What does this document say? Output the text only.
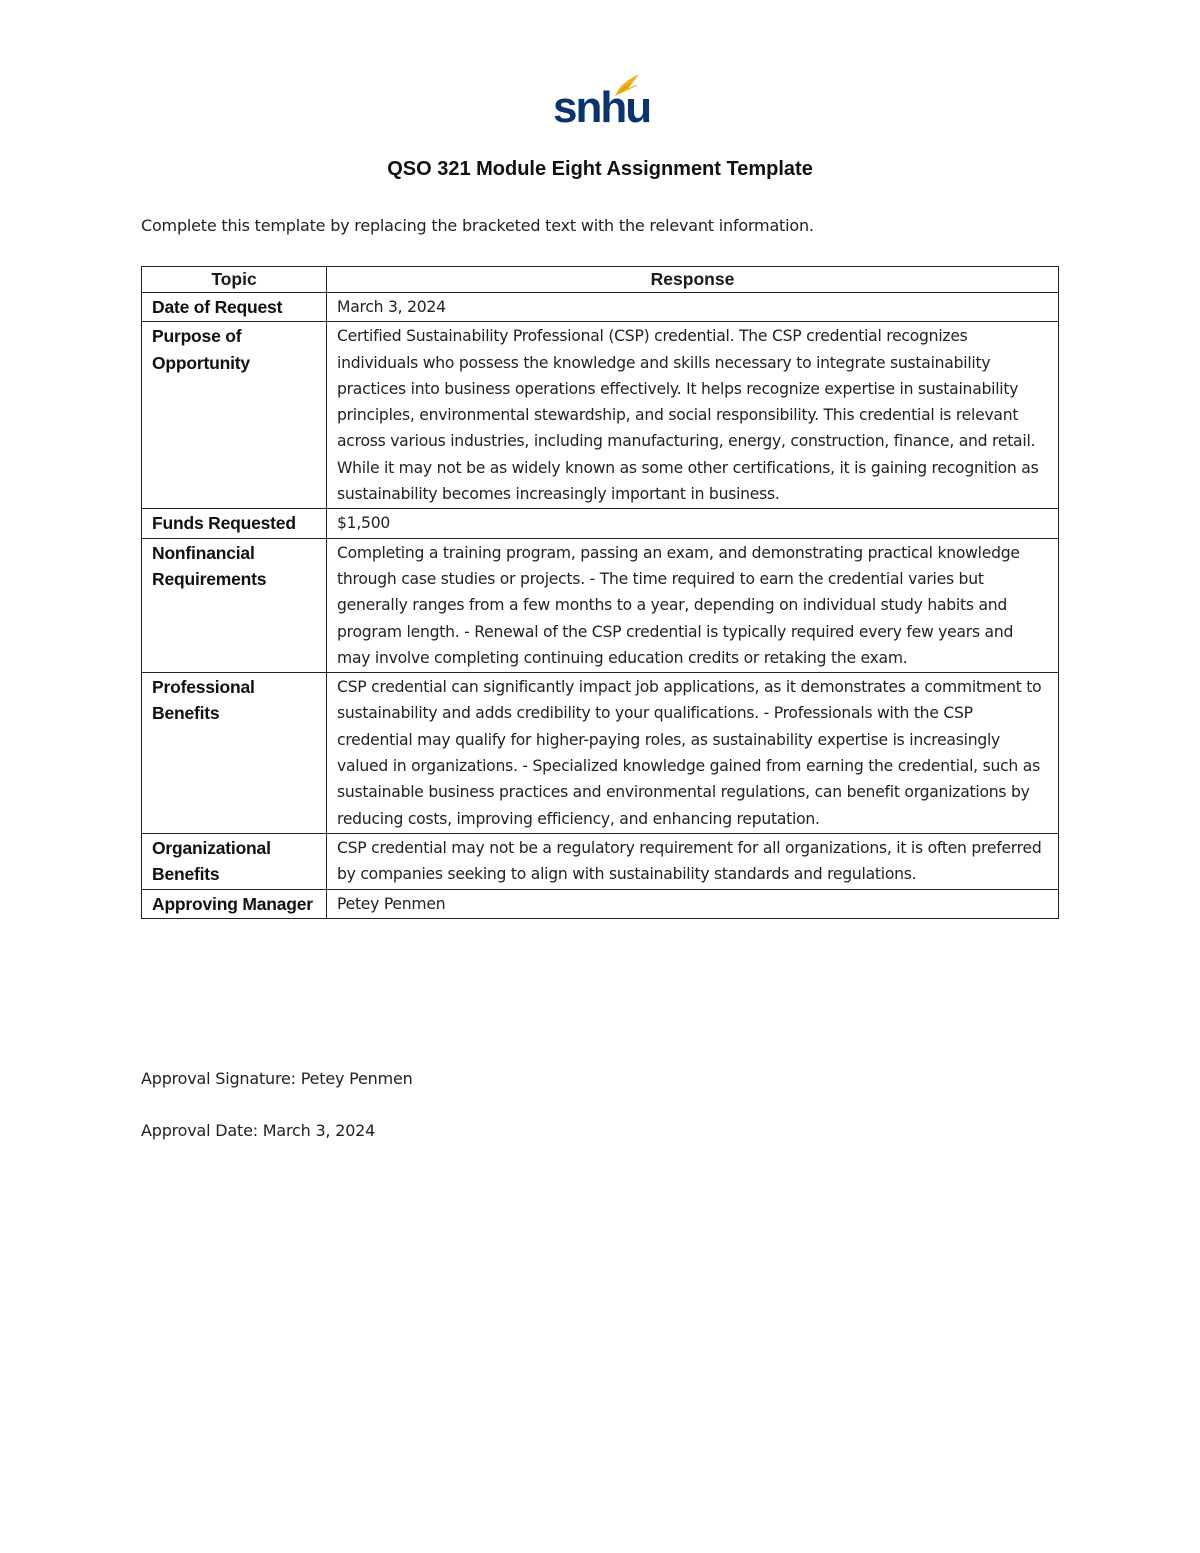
snhu
QSO 321 Module Eight Assignment Template

Complete this template by replacing the bracketed text with the relevant information.

Topic	Response
Date of Request	March 3, 2024
Purpose of Opportunity	Certified Sustainability Professional (CSP) credential. The CSP credential recognizes individuals who possess the knowledge and skills necessary to integrate sustainability practices into business operations effectively. It helps recognize expertise in sustainability principles, environmental stewardship, and social responsibility. This credential is relevant across various industries, including manufacturing, energy, construction, finance, and retail. While it may not be as widely known as some other certifications, it is gaining recognition as sustainability becomes increasingly important in business.
Funds Requested	$1,500
Nonfinancial Requirements	Completing a training program, passing an exam, and demonstrating practical knowledge through case studies or projects. - The time required to earn the credential varies but generally ranges from a few months to a year, depending on individual study habits and program length. - Renewal of the CSP credential is typically required every few years and may involve completing continuing education credits or retaking the exam.
Professional Benefits	CSP credential can significantly impact job applications, as it demonstrates a commitment to sustainability and adds credibility to your qualifications. - Professionals with the CSP credential may qualify for higher-paying roles, as sustainability expertise is increasingly valued in organizations. - Specialized knowledge gained from earning the credential, such as sustainable business practices and environmental regulations, can benefit organizations by reducing costs, improving efficiency, and enhancing reputation.
Organizational Benefits	CSP credential may not be a regulatory requirement for all organizations, it is often preferred by companies seeking to align with sustainability standards and regulations.
Approving Manager	Petey Penmen

Approval Signature: Petey Penmen

Approval Date: March 3, 2024
